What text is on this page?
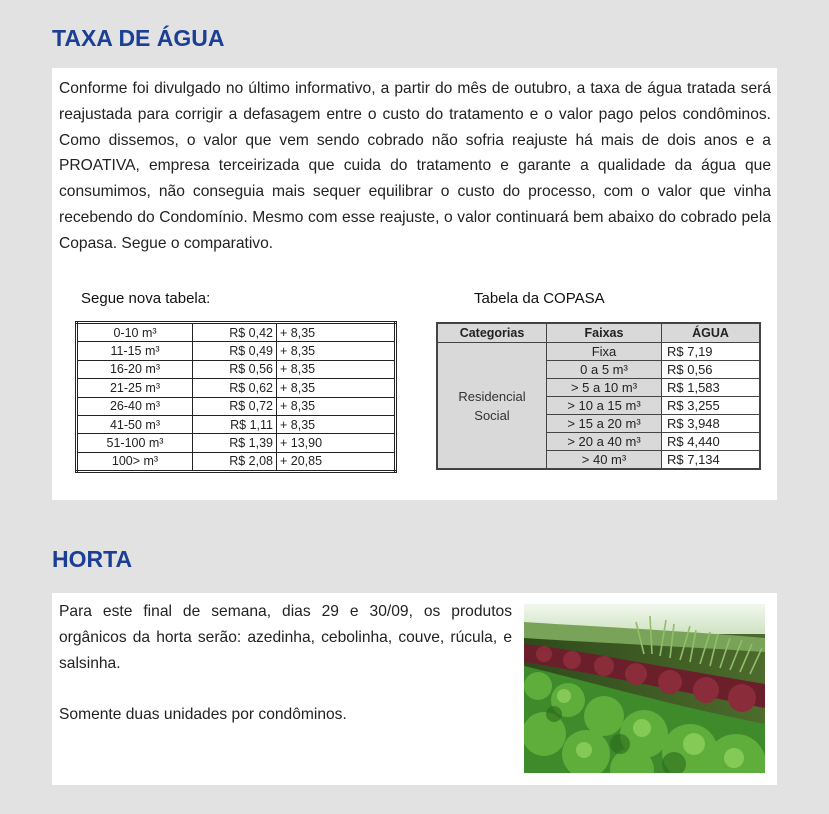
TAXA DE ÁGUA

Conforme foi divulgado no último informativo, a partir do mês de outubro, a taxa de água tratada será reajustada para corrigir a defasagem entre o custo do tratamento e o valor pago pelos condôminos. Como dissemos, o valor que vem sendo cobrado não sofria reajuste há mais de dois anos e a PROATIVA, empresa terceirizada que cuida do tratamento e garante a qualidade da água que consumimos, não conseguia mais sequer equilibrar o custo do processo, com o valor que vinha recebendo do Condomínio. Mesmo com esse reajuste, o valor continuará bem abaixo do cobrado pela Copasa. Segue o comparativo.

Segue nova tabela:	Tabela da COPASA

0-10 m³	R$ 0,42	+ 8,35
11-15 m³	R$ 0,49	+ 8,35
16-20 m³	R$ 0,56	+ 8,35
21-25 m³	R$ 0,62	+ 8,35
26-40 m³	R$ 0,72	+ 8,35
41-50 m³	R$ 1,11	+ 8,35
51-100 m³	R$ 1,39	+ 13,90
100> m³	R$ 2,08	+ 20,85
Categorias	Faixas	ÁGUA

Residencial
Social	Fixa	R$ 7,19
	0 a 5 m³	R$ 0,56
	> 5 a 10 m³	R$ 1,583
	> 10 a 15 m³	R$ 3,255
	> 15 a 20 m³	R$ 3,948
	> 20 a 40 m³	R$ 4,440
	> 40 m³	R$ 7,134
HORTA

Para este final de semana, dias 29 e 30/09, os produtos orgânicos da horta serão: azedinha, cebolinha, couve, rúcula, e salsinha.

Somente duas unidades por condôminos.
